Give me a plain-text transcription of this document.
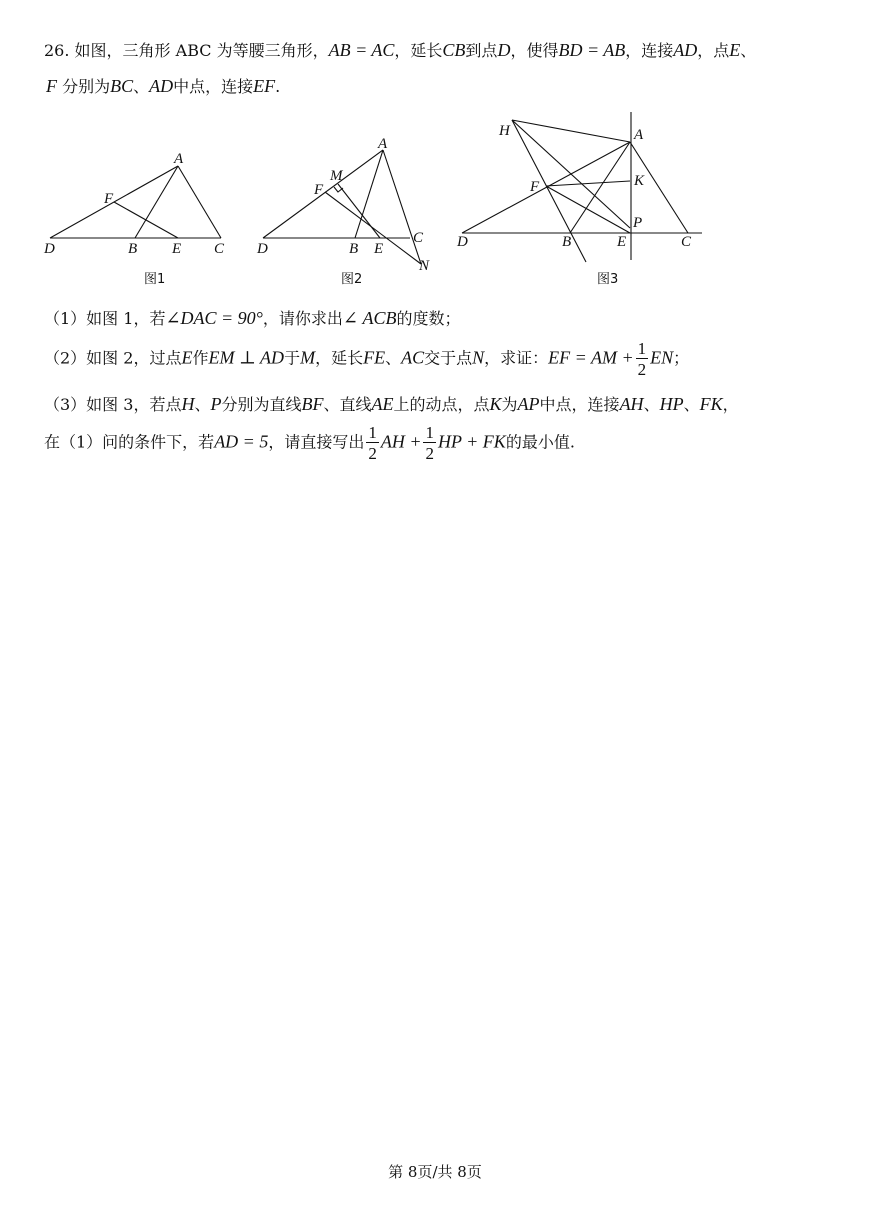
26. 如图，三角形 ABC 为等腰三角形，AB = AC，延长CB到点D，使得BD = AB，连接AD，点E、
F 分别为BC、AD中点，连接EF.
A
F
D	B E C
图1
A
M
F
D	B E
C
N
图2
H	A
F	K
P
D	B	E	C
图3
（1）如图 1，若∠DAC = 90°，请你求出∠ ACB的度数；
（2）如图 2，过点E作EM ⊥ AD于M，延长FE、AC交于点N，求证：EF = AM + $\frac{1}{2}$ EN；
（3）如图 3，若点H、P分别为直线BF、直线AE上的动点，点K为AP中点，连接AH、HP、FK，
在（1）问的条件下，若AD = 5，请直接写出 $\frac{1}{2}$ AH + $\frac{1}{2}$ HP + FK的最小值.
第 8页/共 8页
